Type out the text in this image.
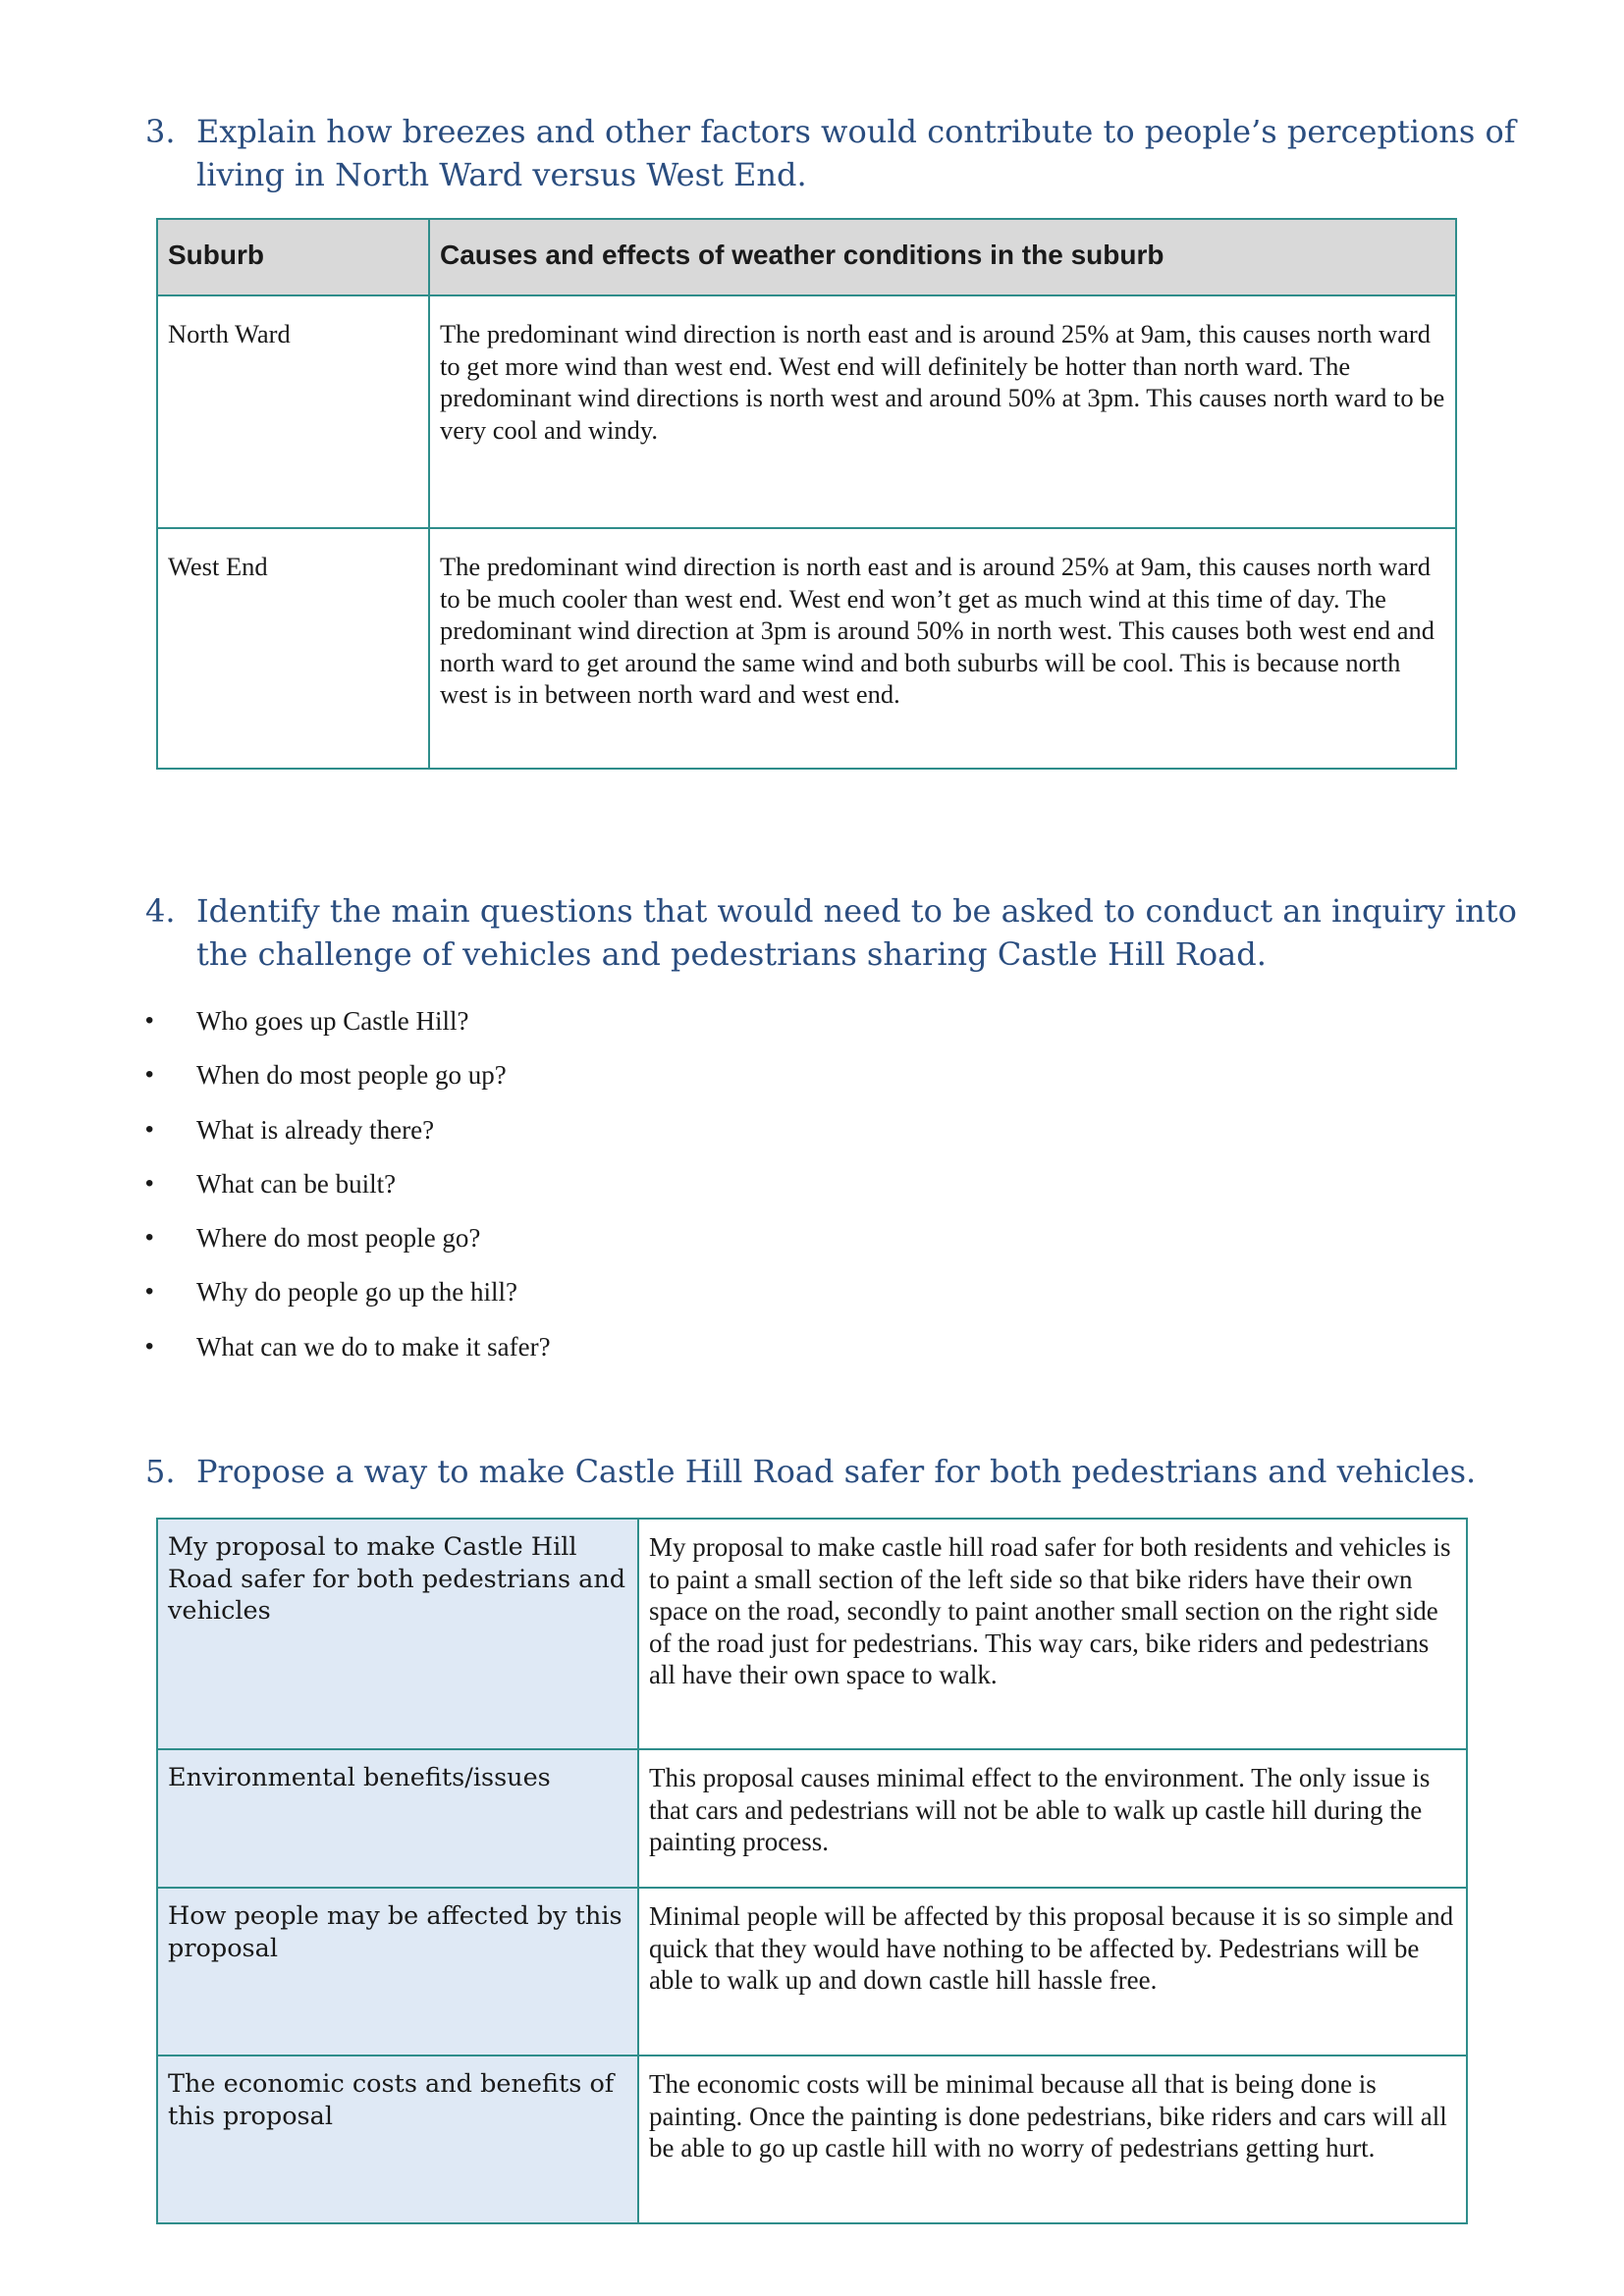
3. Explain how breezes and other factors would contribute to people’s perceptions of living in North Ward versus West End.
Suburb	Causes and effects of weather conditions in the suburb
North Ward	The predominant wind direction is north east and is around 25% at 9am, this causes north ward to get more wind than west end. West end will definitely be hotter than north ward. The predominant wind directions is north west and around 50% at 3pm. This causes north ward to be very cool and windy.
West End	The predominant wind direction is north east and is around 25% at 9am, this causes north ward to be much cooler than west end. West end won’t get as much wind at this time of day. The predominant wind direction at 3pm is around 50% in north west. This causes both west end and north ward to get around the same wind and both suburbs will be cool. This is because north west is in between north ward and west end.
4. Identify the main questions that would need to be asked to conduct an inquiry into the challenge of vehicles and pedestrians sharing Castle Hill Road.
• Who goes up Castle Hill?
• When do most people go up?
• What is already there?
• What can be built?
• Where do most people go?
• Why do people go up the hill?
• What can we do to make it safer?
5. Propose a way to make Castle Hill Road safer for both pedestrians and vehicles.
My proposal to make Castle Hill Road safer for both pedestrians and vehicles	My proposal to make castle hill road safer for both residents and vehicles is to paint a small section of the left side so that bike riders have their own space on the road, secondly to paint another small section on the right side of the road just for pedestrians. This way cars, bike riders and pedestrians all have their own space to walk.
Environmental benefits/issues	This proposal causes minimal effect to the environment. The only issue is that cars and pedestrians will not be able to walk up castle hill during the painting process.
How people may be affected by this proposal	Minimal people will be affected by this proposal because it is so simple and quick that they would have nothing to be affected by. Pedestrians will be able to walk up and down castle hill hassle free.
The economic costs and benefits of this proposal	The economic costs will be minimal because all that is being done is painting. Once the painting is done pedestrians, bike riders and cars will all be able to go up castle hill with no worry of pedestrians getting hurt.
